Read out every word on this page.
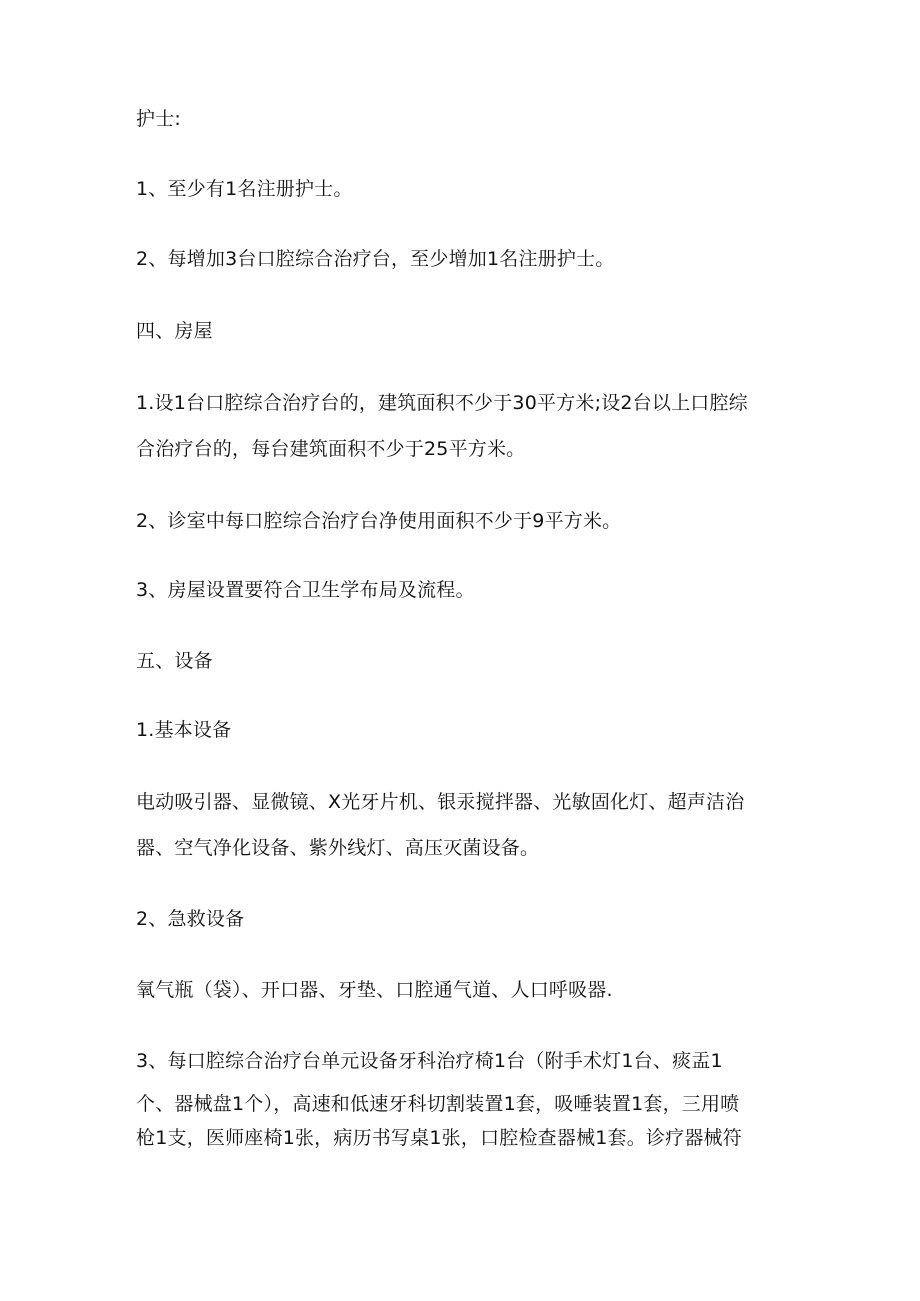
护士:
1、至少有1名注册护士。
2、每增加3台口腔综合治疗台，至少增加1名注册护士。
四、房屋
1.设1台口腔综合治疗台的，建筑面积不少于30平方米;设2台以上口腔综
合治疗台的，每台建筑面积不少于25平方米。
2、诊室中每口腔综合治疗台净使用面积不少于9平方米。
3、房屋设置要符合卫生学布局及流程。
五、设备
1.基本设备
电动吸引器、显微镜、X光牙片机、银汞搅拌器、光敏固化灯、超声洁治
器、空气净化设备、紫外线灯、高压灭菌设备。
2、急救设备
氧气瓶（袋）、开口器、牙垫、口腔通气道、人口呼吸器.
3、每口腔综合治疗台单元设备牙科治疗椅1台（附手术灯1台、痰盂1
个、器械盘1个），高速和低速牙科切割装置1套，吸唾装置1套，三用喷
枪1支，医师座椅1张，病历书写桌1张，口腔检查器械1套。诊疗器械符
